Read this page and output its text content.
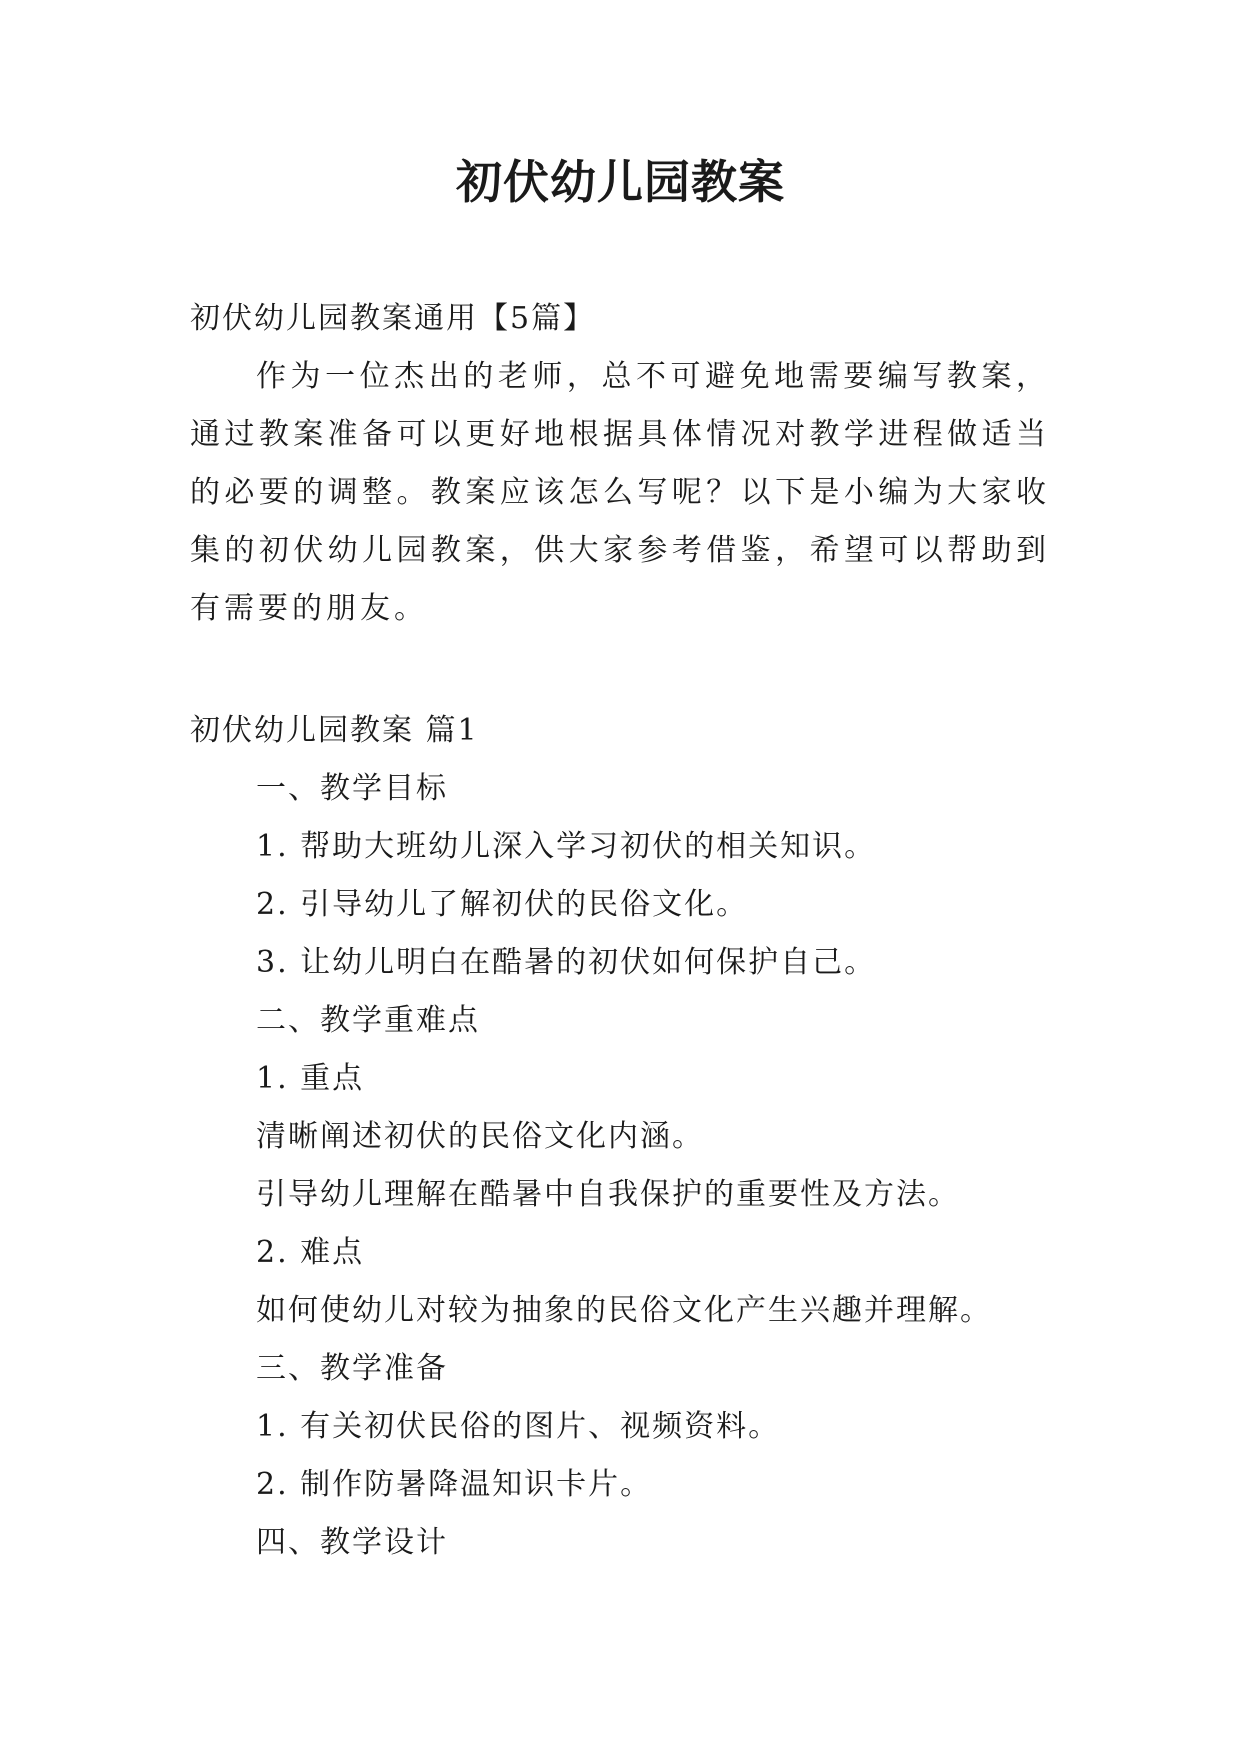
初伏幼儿园教案

初伏幼儿园教案通用【5篇】

作为一位杰出的老师，总不可避免地需要编写教案，通过教案准备可以更好地根据具体情况对教学进程做适当的必要的调整。教案应该怎么写呢？以下是小编为大家收集的初伏幼儿园教案，供大家参考借鉴，希望可以帮助到有需要的朋友。

初伏幼儿园教案 篇1

一、教学目标

1. 帮助大班幼儿深入学习初伏的相关知识。

2. 引导幼儿了解初伏的民俗文化。

3. 让幼儿明白在酷暑的初伏如何保护自己。

二、教学重难点

1. 重点

清晰阐述初伏的民俗文化内涵。

引导幼儿理解在酷暑中自我保护的重要性及方法。

2. 难点

如何使幼儿对较为抽象的民俗文化产生兴趣并理解。

三、教学准备

1. 有关初伏民俗的图片、视频资料。

2. 制作防暑降温知识卡片。

四、教学设计
